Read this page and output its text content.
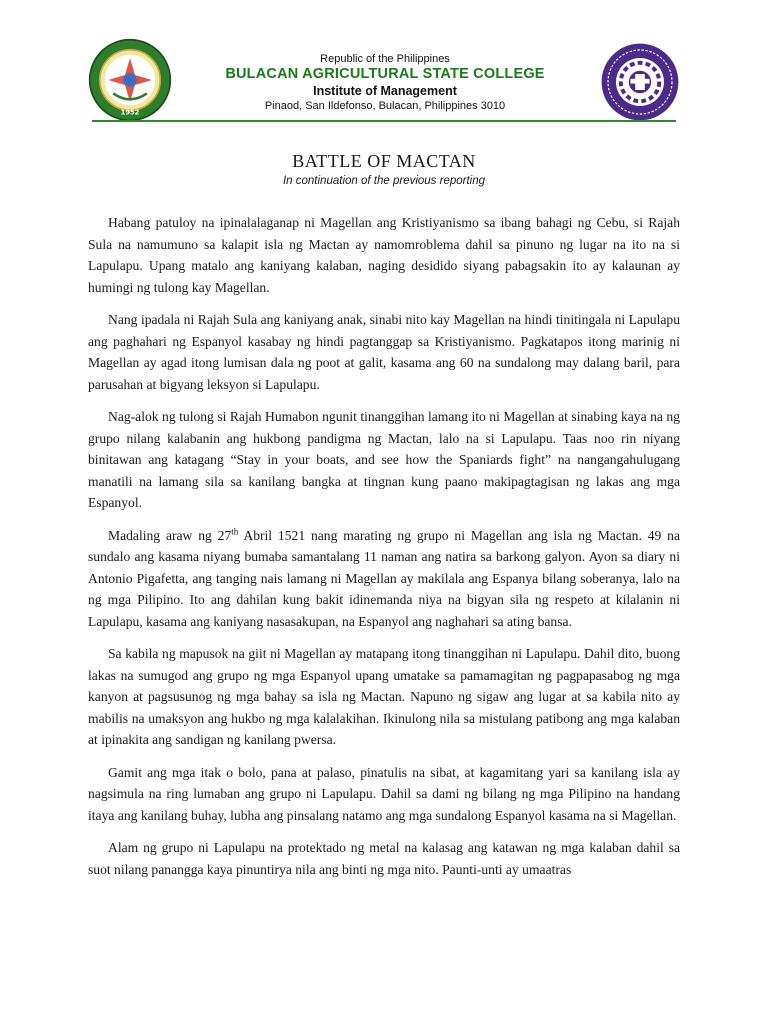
1952
Republic of the Philippines
BULACAN AGRICULTURAL STATE COLLEGE
Institute of Management
Pinaod, San Ildefonso, Bulacan, Philippines 3010
BATTLE OF MACTAN
In continuation of the previous reporting

Habang patuloy na ipinalalaganap ni Magellan ang Kristiyanismo sa ibang bahagi ng Cebu, si Rajah Sula na namumuno sa kalapit isla ng Mactan ay namomroblema dahil sa pinuno ng lugar na ito na si Lapulapu. Upang matalo ang kaniyang kalaban, naging desidido siyang pabagsakin ito ay kalaunan ay humingi ng tulong kay Magellan.

Nang ipadala ni Rajah Sula ang kaniyang anak, sinabi nito kay Magellan na hindi tinitingala ni Lapulapu ang paghahari ng Espanyol kasabay ng hindi pagtanggap sa Kristiyanismo. Pagkatapos itong marinig ni Magellan ay agad itong lumisan dala ng poot at galit, kasama ang 60 na sundalong may dalang baril, para parusahan at bigyang leksyon si Lapulapu.

Nag-alok ng tulong si Rajah Humabon ngunit tinanggihan lamang ito ni Magellan at sinabing kaya na ng grupo nilang kalabanin ang hukbong pandigma ng Mactan, lalo na si Lapulapu. Taas noo rin niyang binitawan ang katagang “Stay in your boats, and see how the Spaniards fight” na nangangahulugang manatili na lamang sila sa kanilang bangka at tingnan kung paano makipagtagisan ng lakas ang mga Espanyol.

Madaling araw ng 27th Abril 1521 nang marating ng grupo ni Magellan ang isla ng Mactan. 49 na sundalo ang kasama niyang bumaba samantalang 11 naman ang natira sa barkong galyon. Ayon sa diary ni Antonio Pigafetta, ang tanging nais lamang ni Magellan ay makilala ang Espanya bilang soberanya, lalo na ng mga Pilipino. Ito ang dahilan kung bakit idinemanda niya na bigyan sila ng respeto at kilalanin ni Lapulapu, kasama ang kaniyang nasasakupan, na Espanyol ang naghahari sa ating bansa.

Sa kabila ng mapusok na giit ni Magellan ay matapang itong tinanggihan ni Lapulapu. Dahil dito, buong lakas na sumugod ang grupo ng mga Espanyol upang umatake sa pamamagitan ng pagpapasabog ng mga kanyon at pagsusunog ng mga bahay sa isla ng Mactan. Napuno ng sigaw ang lugar at sa kabila nito ay mabilis na umaksyon ang hukbo ng mga kalalakihan. Ikinulong nila sa mistulang patibong ang mga kalaban at ipinakita ang sandigan ng kanilang pwersa.

Gamit ang mga itak o bolo, pana at palaso, pinatulis na sibat, at kagamitang yari sa kanilang isla ay nagsimula na ring lumaban ang grupo ni Lapulapu. Dahil sa dami ng bilang ng mga Pilipino na handang itaya ang kanilang buhay, lubha ang pinsalang natamo ang mga sundalong Espanyol kasama na si Magellan.

Alam ng grupo ni Lapulapu na protektado ng metal na kalasag ang katawan ng mga kalaban dahil sa suot nilang panangga kaya pinuntirya nila ang binti ng mga nito. Paunti-unti ay umaatras
